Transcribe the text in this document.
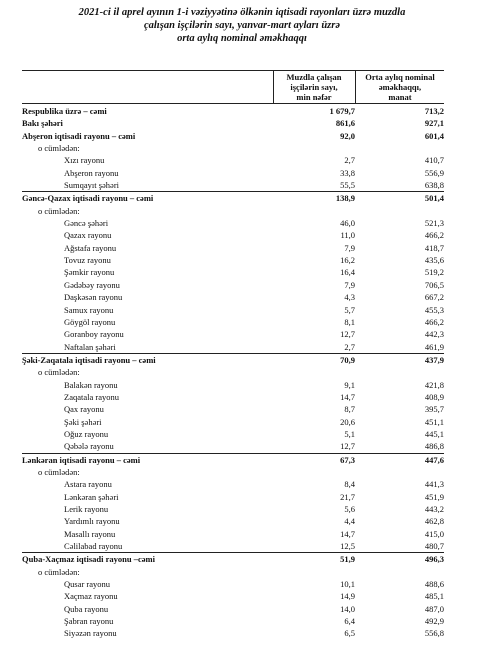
2021-ci il aprel ayının 1-i vəziyyətinə ölkənin iqtisadi rayonları üzrə muzdla
çalışan işçilərin sayı, yanvar-mart ayları üzrə
orta aylıq nominal əməkhaqqı
Muzdla çalışan
işçilərin sayı,
min nəfər
Orta aylıq nominal
əməkhaqqı,
manat
Respublika üzrə – cəmi	1 679,7	713,2
Bakı şəhəri	861,6	927,1
Abşeron iqtisadi rayonu – cəmi	92,0	601,4
o cümlədən:
Xızı rayonu	2,7	410,7
Abşeron rayonu	33,8	556,9
Sumqayıt şəhəri	55,5	638,8
Gəncə-Qazax iqtisadi rayonu – cəmi	138,9	501,4
o cümlədən:
Gəncə şəhəri	46,0	521,3
Qazax rayonu	11,0	466,2
Ağstafa rayonu	7,9	418,7
Tovuz rayonu	16,2	435,6
Şəmkir rayonu	16,4	519,2
Gədəbəy rayonu	7,9	706,5
Daşkəsən rayonu	4,3	667,2
Samux rayonu	5,7	455,3
Göygöl rayonu	8,1	466,2
Goranboy rayonu	12,7	442,3
Naftalan şəhəri	2,7	461,9
Şəki-Zaqatala iqtisadi rayonu – cəmi	70,9	437,9
o cümlədən:
Balakən rayonu	9,1	421,8
Zaqatala rayonu	14,7	408,9
Qax rayonu	8,7	395,7
Şəki şəhəri	20,6	451,1
Oğuz rayonu	5,1	445,1
Qəbələ rayonu	12,7	486,8
Lənkəran iqtisadi rayonu – cəmi	67,3	447,6
o cümlədən:
Astara rayonu	8,4	441,3
Lənkəran şəhəri	21,7	451,9
Lerik rayonu	5,6	443,2
Yardımlı rayonu	4,4	462,8
Masallı rayonu	14,7	415,0
Cəlilabad rayonu	12,5	480,7
Quba-Xaçmaz iqtisadi rayonu –cəmi	51,9	496,3
o cümlədən:
Qusar rayonu	10,1	488,6
Xaçmaz rayonu	14,9	485,1
Quba rayonu	14,0	487,0
Şabran rayonu	6,4	492,9
Siyəzən rayonu	6,5	556,8
